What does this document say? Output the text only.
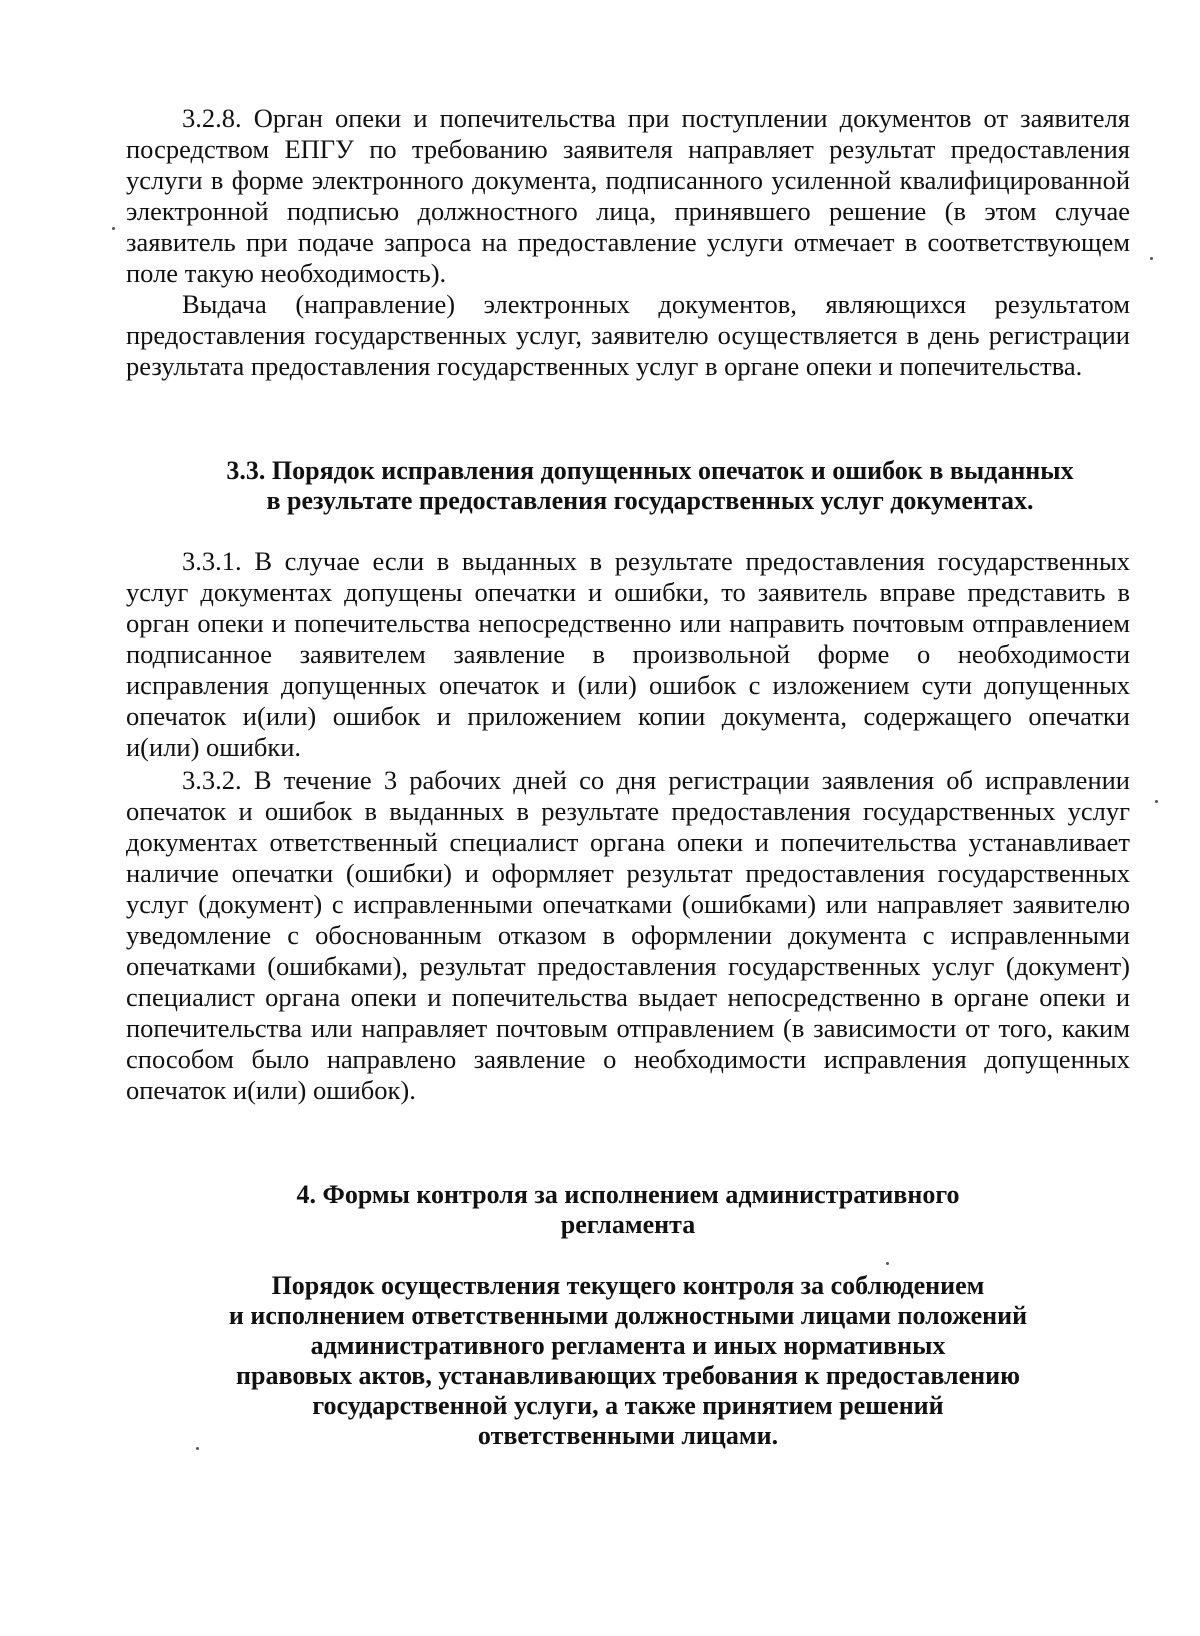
3.2.8. Орган опеки и попечительства при поступлении документов от заявителя посредством ЕПГУ по требованию заявителя направляет результат предоставления услуги в форме электронного документа, подписанного усиленной квалифицированной электронной подписью должностного лица, принявшего решение (в этом случае заявитель при подаче запроса на предоставление услуги отмечает в соответствующем поле такую необходимость).

Выдача (направление) электронных документов, являющихся результатом предоставления государственных услуг, заявителю осуществляется в день регистрации результата предоставления государственных услуг в органе опеки и попечительства.

3.3. Порядок исправления допущенных опечаток и ошибок в выданных
в результате предоставления государственных услуг документах.

3.3.1. В случае если в выданных в результате предоставления государственных услуг документах допущены опечатки и ошибки, то заявитель вправе представить в орган опеки и попечительства непосредственно или направить почтовым отправлением подписанное заявителем заявление в произвольной форме о необходимости исправления допущенных опечаток и (или) ошибок с изложением сути допущенных опечаток и(или) ошибок и приложением копии документа, содержащего опечатки и(или) ошибки.

3.3.2. В течение 3 рабочих дней со дня регистрации заявления об исправлении опечаток и ошибок в выданных в результате предоставления государственных услуг документах ответственный специалист органа опеки и попечительства устанавливает наличие опечатки (ошибки) и оформляет результат предоставления государственных услуг (документ) с исправленными опечатками (ошибками) или направляет заявителю уведомление с обоснованным отказом в оформлении документа с исправленными опечатками (ошибками), результат предоставления государственных услуг (документ) специалист органа опеки и попечительства выдает непосредственно в органе опеки и попечительства или направляет почтовым отправлением (в зависимости от того, каким способом было направлено заявление о необходимости исправления допущенных опечаток и(или) ошибок).

4. Формы контроля за исполнением административного
регламента
Порядок осуществления текущего контроля за соблюдением
и исполнением ответственными должностными лицами положений
административного регламента и иных нормативных
правовых актов, устанавливающих требования к предоставлению
государственной услуги, а также принятием решений
ответственными лицами.
